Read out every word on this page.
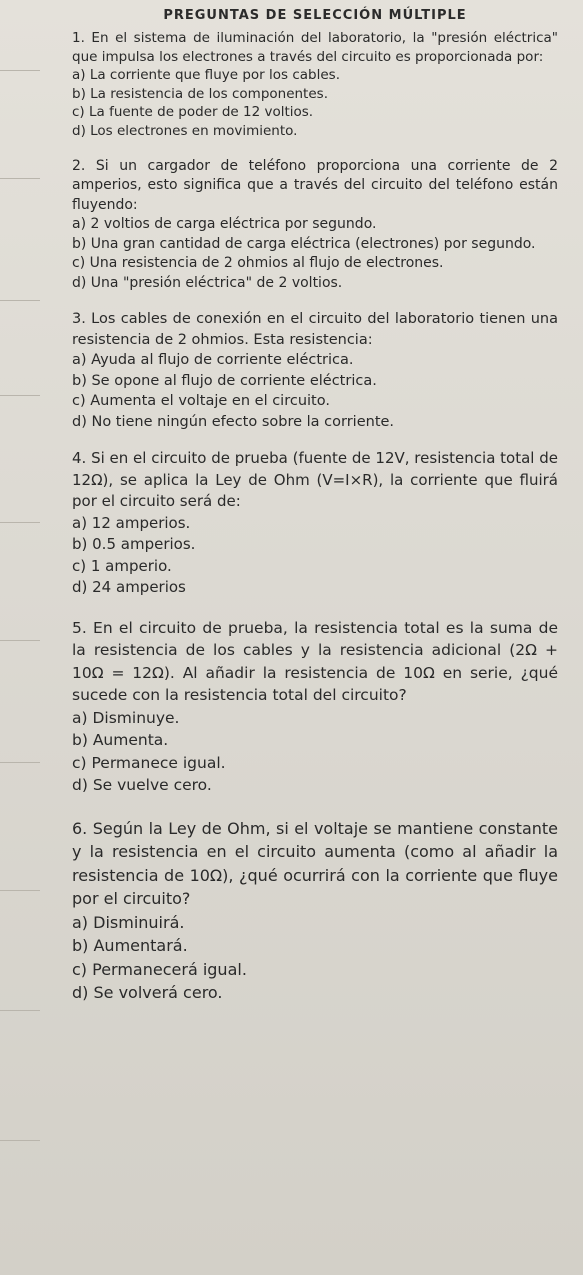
PREGUNTAS DE SELECCIÓN MÚLTIPLE

1. En el sistema de iluminación del laboratorio, la "presión eléctrica" que impulsa los electrones a través del circuito es proporcionada por:

a) La corriente que fluye por los cables.

b) La resistencia de los componentes.

c) La fuente de poder de 12 voltios.

d) Los electrones en movimiento.

2. Si un cargador de teléfono proporciona una corriente de 2 amperios, esto significa que a través del circuito del teléfono están fluyendo:

a) 2 voltios de carga eléctrica por segundo.

b) Una gran cantidad de carga eléctrica (electrones) por segundo.

c) Una resistencia de 2 ohmios al flujo de electrones.

d) Una "presión eléctrica" de 2 voltios.

3. Los cables de conexión en el circuito del laboratorio tienen una resistencia de 2 ohmios. Esta resistencia:

a) Ayuda al flujo de corriente eléctrica.

b) Se opone al flujo de corriente eléctrica.

c) Aumenta el voltaje en el circuito.

d) No tiene ningún efecto sobre la corriente.

4. Si en el circuito de prueba (fuente de 12V, resistencia total de 12Ω), se aplica la Ley de Ohm (V=I×R), la corriente que fluirá por el circuito será de:

a) 12 amperios.

b) 0.5 amperios.

c) 1 amperio.

d) 24 amperios

5. En el circuito de prueba, la resistencia total es la suma de la resistencia de los cables y la resistencia adicional (2Ω + 10Ω = 12Ω). Al añadir la resistencia de 10Ω en serie, ¿qué sucede con la resistencia total del circuito?

a) Disminuye.

b) Aumenta.

c) Permanece igual.

d) Se vuelve cero.

6. Según la Ley de Ohm, si el voltaje se mantiene constante y la resistencia en el circuito aumenta (como al añadir la resistencia de 10Ω), ¿qué ocurrirá con la corriente que fluye por el circuito?

a) Disminuirá.

b) Aumentará.

c) Permanecerá igual.

d) Se volverá cero.
